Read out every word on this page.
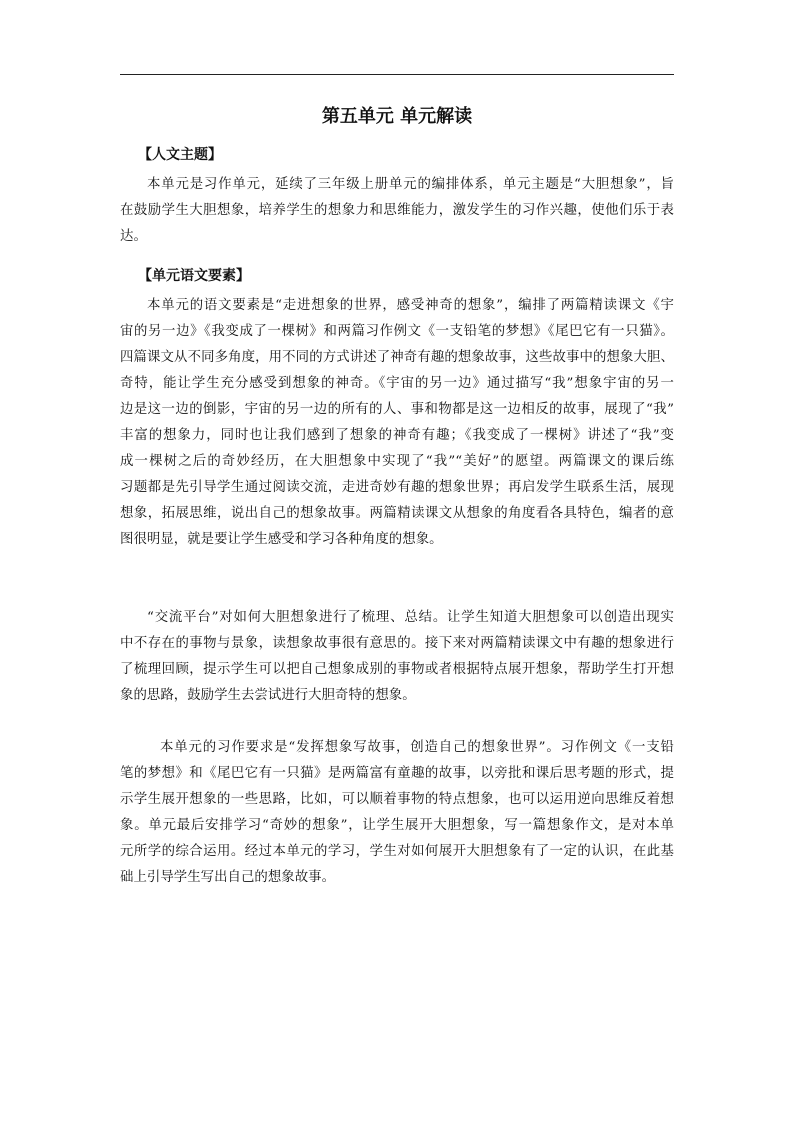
第五单元 单元解读
【人文主题】
本单元是习作单元，延续了三年级上册单元的编排体系，单元主题是“大胆想象”，旨
在鼓励学生大胆想象，培养学生的想象力和思维能力，激发学生的习作兴趣，使他们乐于表
达。
【单元语文要素】
本单元的语文要素是“走进想象的世界，感受神奇的想象”，编排了两篇精读课文《宇
宙的另一边》《我变成了一棵树》和两篇习作例文《一支铅笔的梦想》《尾巴它有一只猫》。
四篇课文从不同多角度，用不同的方式讲述了神奇有趣的想象故事，这些故事中的想象大胆、
奇特，能让学生充分感受到想象的神奇。《宇宙的另一边》通过描写“我”想象宇宙的另一
边是这一边的倒影，宇宙的另一边的所有的人、事和物都是这一边相反的故事，展现了“我”
丰富的想象力，同时也让我们感到了想象的神奇有趣；《我变成了一棵树》讲述了“我”变
成一棵树之后的奇妙经历，在大胆想象中实现了“我”“美好”的愿望。两篇课文的课后练
习题都是先引导学生通过阅读交流，走进奇妙有趣的想象世界；再启发学生联系生活，展现
想象，拓展思维，说出自己的想象故事。两篇精读课文从想象的角度看各具特色，编者的意
图很明显，就是要让学生感受和学习各种角度的想象。
“交流平台”对如何大胆想象进行了梳理、总结。让学生知道大胆想象可以创造出现实
中不存在的事物与景象，读想象故事很有意思的。接下来对两篇精读课文中有趣的想象进行
了梳理回顾，提示学生可以把自己想象成别的事物或者根据特点展开想象，帮助学生打开想
象的思路，鼓励学生去尝试进行大胆奇特的想象。
本单元的习作要求是“发挥想象写故事，创造自己的想象世界”。习作例文《一支铅
笔的梦想》和《尾巴它有一只猫》是两篇富有童趣的故事，以旁批和课后思考题的形式，提
示学生展开想象的一些思路，比如，可以顺着事物的特点想象，也可以运用逆向思维反着想
象。单元最后安排学习“奇妙的想象”，让学生展开大胆想象，写一篇想象作文，是对本单
元所学的综合运用。经过本单元的学习，学生对如何展开大胆想象有了一定的认识，在此基
础上引导学生写出自己的想象故事。
